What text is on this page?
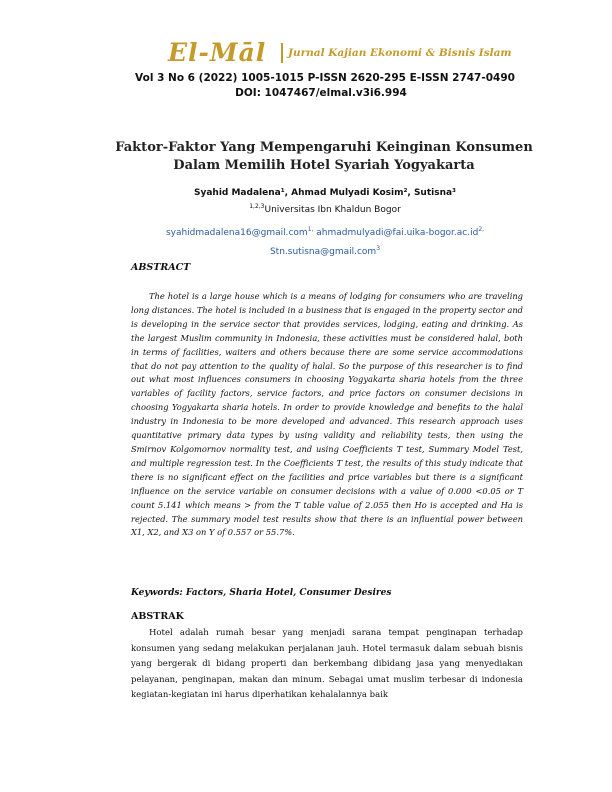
El-Māl Jurnal Kajian Ekonomi & Bisnis Islam
Vol 3 No 6 (2022) 1005-1015 P-ISSN 2620-295 E-ISSN 2747-0490
DOI: 1047467/elmal.v3i6.994
Faktor-Faktor Yang Mempengaruhi Keinginan Konsumen Dalam Memilih Hotel Syariah Yogyakarta
Syahid Madalena¹, Ahmad Mulyadi Kosim², Sutisna³
$^{1,2,3}$Universitas Ibn Khaldun Bogor
syahidmadalena16@gmail.com$^{1,}$ $ahmadmulyadi@fai.uika-bogor.ac.id^{2,}$ Stn.sutisna@gmail.com$^3$
ABSTRACT

The hotel is a large house which is a means of lodging for consumers who are traveling long distances. The hotel is included in a business that is engaged in the property sector and is developing in the service sector that provides services, lodging, eating and drinking. As the largest Muslim community in Indonesia, these activities must be considered halal, both in terms of facilities, waiters and others because there are some service accommodations that do not pay attention to the quality of halal. So the purpose of this researcher is to find out what most influences consumers in choosing Yogyakarta sharia hotels from the three variables of facility factors, service factors, and price factors on consumer decisions in choosing Yogyakarta sharia hotels. In order to provide knowledge and benefits to the halal industry in Indonesia to be more developed and advanced. This research approach uses quantitative primary data types by using validity and reliability tests, then using the Smirnov Kolgomornov normality test, and using Coefficients T test, Summary Model Test, and multiple regression test. In the Coefficients T test, the results of this study indicate that there is no significant effect on the facilities and price variables but there is a significant influence on the service variable on consumer decisions with a value of 0.000 <0.05 or T count 5.141 which means > from the T table value of 2.055 then Ho is accepted and Ha is rejected. The summary model test results show that there is an influential power between X1, X2, and X3 on Y of 0.557 or 55.7%.

Keywords: Factors, Sharia Hotel, Consumer Desires
ABSTRAK

Hotel adalah rumah besar yang menjadi sarana tempat penginapan terhadap konsumen yang sedang melakukan perjalanan jauh. Hotel termasuk dalam sebuah bisnis yang bergerak di bidang properti dan berkembang dibidang jasa yang menyediakan pelayanan, penginapan, makan dan minum. Sebagai umat muslim terbesar di indonesia kegiatan-kegiatan ini harus diperhatikan kehalalannya baik
